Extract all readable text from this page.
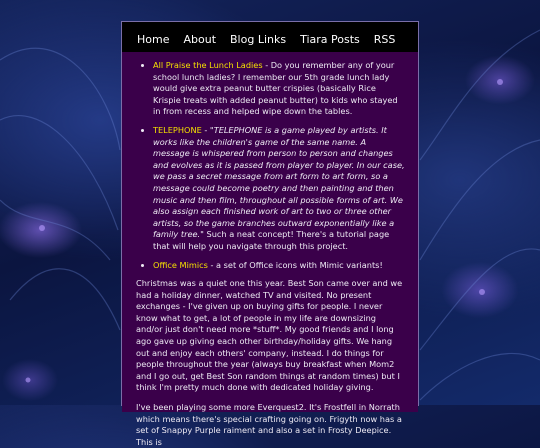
Home About Blog Links Tiara Posts RSS
• All Praise the Lunch Ladies - Do you remember any of your school lunch ladies? I remember our 5th grade lunch lady would give extra peanut butter crispies (basically Rice Krispie treats with added peanut butter) to kids who stayed in from recess and helped wipe down the tables.
• TELEPHONE - "TELEPHONE is a game played by artists. It works like the children's game of the same name. A message is whispered from person to person and changes and evolves as it is passed from player to player. In our case, we pass a secret message from art form to art form, so a message could become poetry and then painting and then music and then film, throughout all possible forms of art. We also assign each finished work of art to two or three other artists, so the game branches outward exponentially like a family tree." Such a neat concept! There's a tutorial page that will help you navigate through this project.
• Office Mimics - a set of Office icons with Mimic variants!

Christmas was a quiet one this year. Best Son came over and we had a holiday dinner, watched TV and visited. No present exchanges - I've given up on buying gifts for people. I never know what to get, a lot of people in my life are downsizing and/or just don't need more *stuff*. My good friends and I long ago gave up giving each other birthday/holiday gifts. We hang out and enjoy each others' company, instead. I do things for people throughout the year (always buy breakfast when Mom2 and I go out, get Best Son random things at random times) but I think I'm pretty much done with dedicated holiday giving.

I've been playing some more Everquest2. It's Frostfell in Norrath which means there's special crafting going on. Frigyth now has a set of Snappy Purple raiment and also a set in Frosty Deepice. This is
